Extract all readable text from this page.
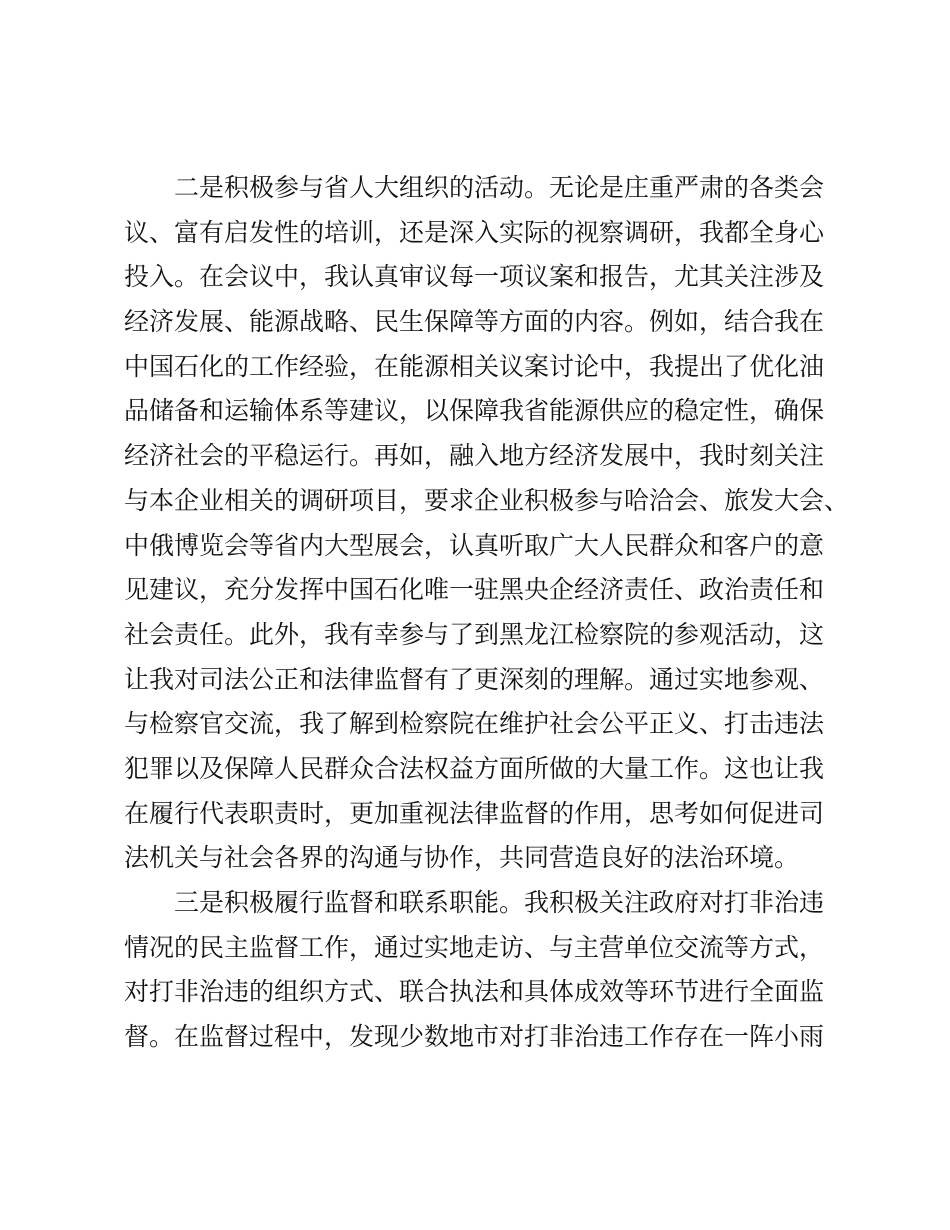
二是积极参与省人大组织的活动。无论是庄重严肃的各类会
议、富有启发性的培训，还是深入实际的视察调研，我都全身心
投入。在会议中，我认真审议每一项议案和报告，尤其关注涉及
经济发展、能源战略、民生保障等方面的内容。例如，结合我在
中国石化的工作经验，在能源相关议案讨论中，我提出了优化油
品储备和运输体系等建议，以保障我省能源供应的稳定性，确保
经济社会的平稳运行。再如，融入地方经济发展中，我时刻关注
与本企业相关的调研项目，要求企业积极参与哈洽会、旅发大会、
中俄博览会等省内大型展会，认真听取广大人民群众和客户的意
见建议，充分发挥中国石化唯一驻黑央企经济责任、政治责任和
社会责任。此外，我有幸参与了到黑龙江检察院的参观活动，这
让我对司法公正和法律监督有了更深刻的理解。通过实地参观、
与检察官交流，我了解到检察院在维护社会公平正义、打击违法
犯罪以及保障人民群众合法权益方面所做的大量工作。这也让我
在履行代表职责时，更加重视法律监督的作用，思考如何促进司
法机关与社会各界的沟通与协作，共同营造良好的法治环境。
三是积极履行监督和联系职能。我积极关注政府对打非治违
情况的民主监督工作，通过实地走访、与主营单位交流等方式，
对打非治违的组织方式、联合执法和具体成效等环节进行全面监
督。在监督过程中，发现少数地市对打非治违工作存在一阵小雨
